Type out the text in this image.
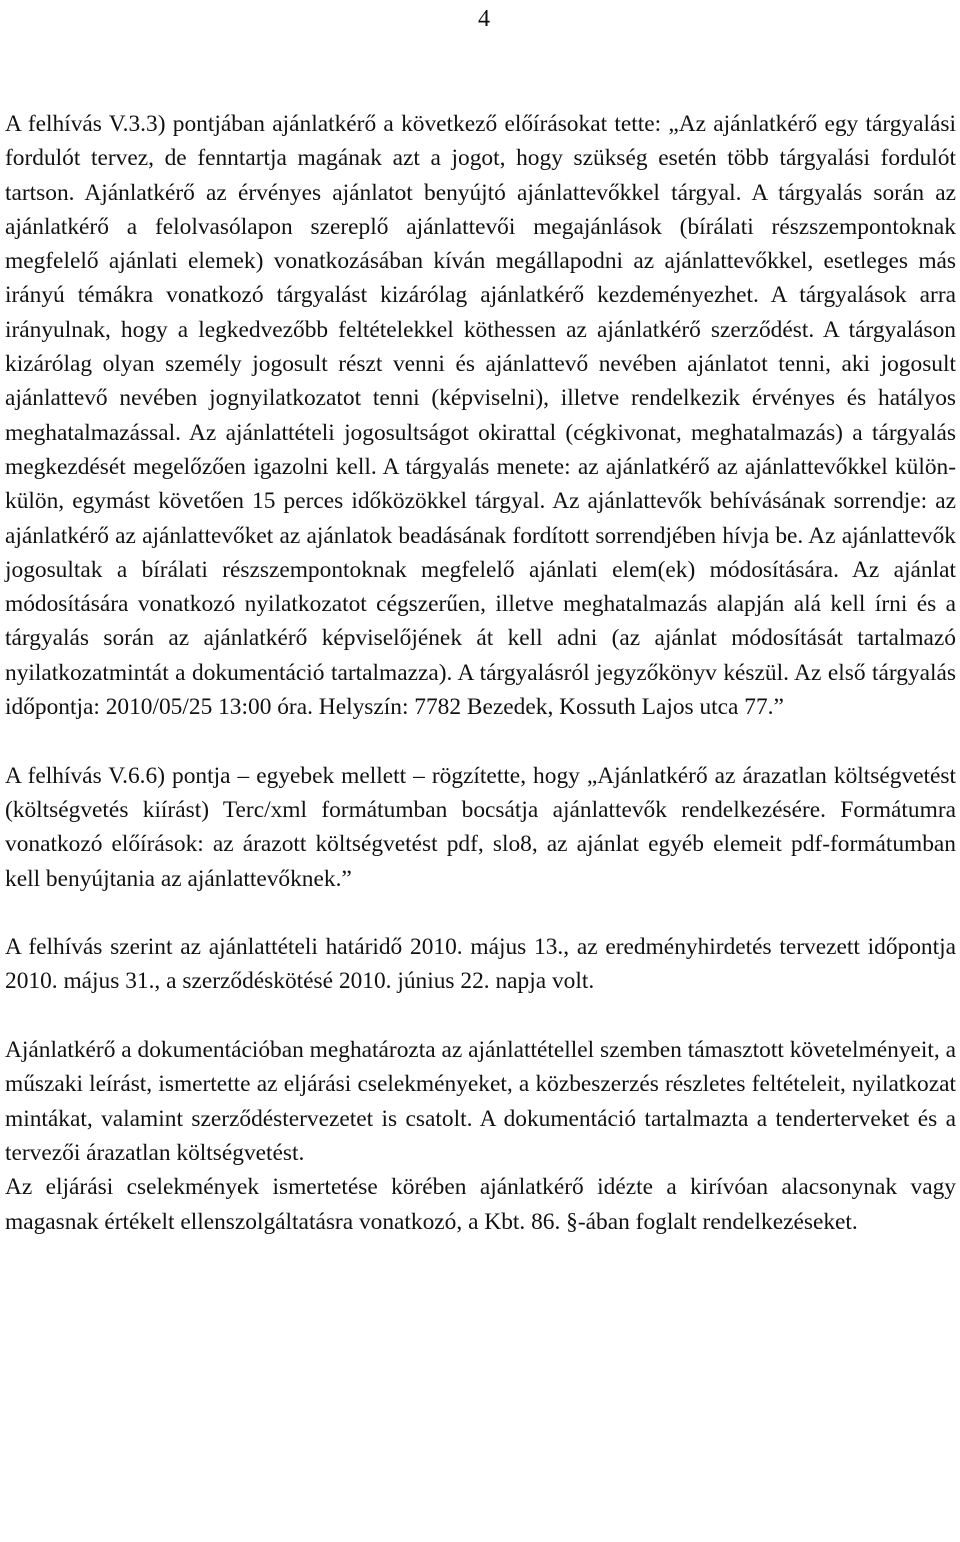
4

A felhívás V.3.3) pontjában ajánlatkérő a következő előírásokat tette: „Az ajánlatkérő egy tárgyalási fordulót tervez, de fenntartja magának azt a jogot, hogy szükség esetén több tárgyalási fordulót tartson. Ajánlatkérő az érvényes ajánlatot benyújtó ajánlattevőkkel tárgyal. A tárgyalás során az ajánlatkérő a felolvasólapon szereplő ajánlattevői megajánlások (bírálati részszempontoknak megfelelő ajánlati elemek) vonatkozásában kíván megállapodni az ajánlattevőkkel, esetleges más irányú témákra vonatkozó tárgyalást kizárólag ajánlatkérő kezdeményezhet. A tárgyalások arra irányulnak, hogy a legkedvezőbb feltételekkel köthessen az ajánlatkérő szerződést. A tárgyaláson kizárólag olyan személy jogosult részt venni és ajánlattevő nevében ajánlatot tenni, aki jogosult ajánlattevő nevében jognyilatkozatot tenni (képviselni), illetve rendelkezik érvényes és hatályos meghatalmazással. Az ajánlattételi jogosultságot okirattal (cégkivonat, meghatalmazás) a tárgyalás megkezdését megelőzően igazolni kell. A tárgyalás menete: az ajánlatkérő az ajánlattevőkkel külön-külön, egymást követően 15 perces időközökkel tárgyal. Az ajánlattevők behívásának sorrendje: az ajánlatkérő az ajánlattevőket az ajánlatok beadásának fordított sorrendjében hívja be. Az ajánlattevők jogosultak a bírálati részszempontoknak megfelelő ajánlati elem(ek) módosítására. Az ajánlat módosítására vonatkozó nyilatkozatot cégszerűen, illetve meghatalmazás alapján alá kell írni és a tárgyalás során az ajánlatkérő képviselőjének át kell adni (az ajánlat módosítását tartalmazó nyilatkozatmintát a dokumentáció tartalmazza). A tárgyalásról jegyzőkönyv készül. Az első tárgyalás időpontja: 2010/05/25 13:00 óra. Helyszín: 7782 Bezedek, Kossuth Lajos utca 77.”

A felhívás V.6.6) pontja – egyebek mellett – rögzítette, hogy „Ajánlatkérő az árazatlan költségvetést (költségvetés kiírást) Terc/xml formátumban bocsátja ajánlattevők rendelkezésére. Formátumra vonatkozó előírások: az árazott költségvetést pdf, slo8, az ajánlat egyéb elemeit pdf-formátumban kell benyújtania az ajánlattevőknek.”

A felhívás szerint az ajánlattételi határidő 2010. május 13., az eredményhirdetés tervezett időpontja 2010. május 31., a szerződéskötésé 2010. június 22. napja volt.

Ajánlatkérő a dokumentációban meghatározta az ajánlattétellel szemben támasztott követelményeit, a műszaki leírást, ismertette az eljárási cselekményeket, a közbeszerzés részletes feltételeit, nyilatkozat mintákat, valamint szerződéstervezetet is csatolt. A dokumentáció tartalmazta a tenderterveket és a tervezői árazatlan költségvetést.

Az eljárási cselekmények ismertetése körében ajánlatkérő idézte a kirívóan alacsonynak vagy magasnak értékelt ellenszolgáltatásra vonatkozó, a Kbt. 86. §-ában foglalt rendelkezéseket.
